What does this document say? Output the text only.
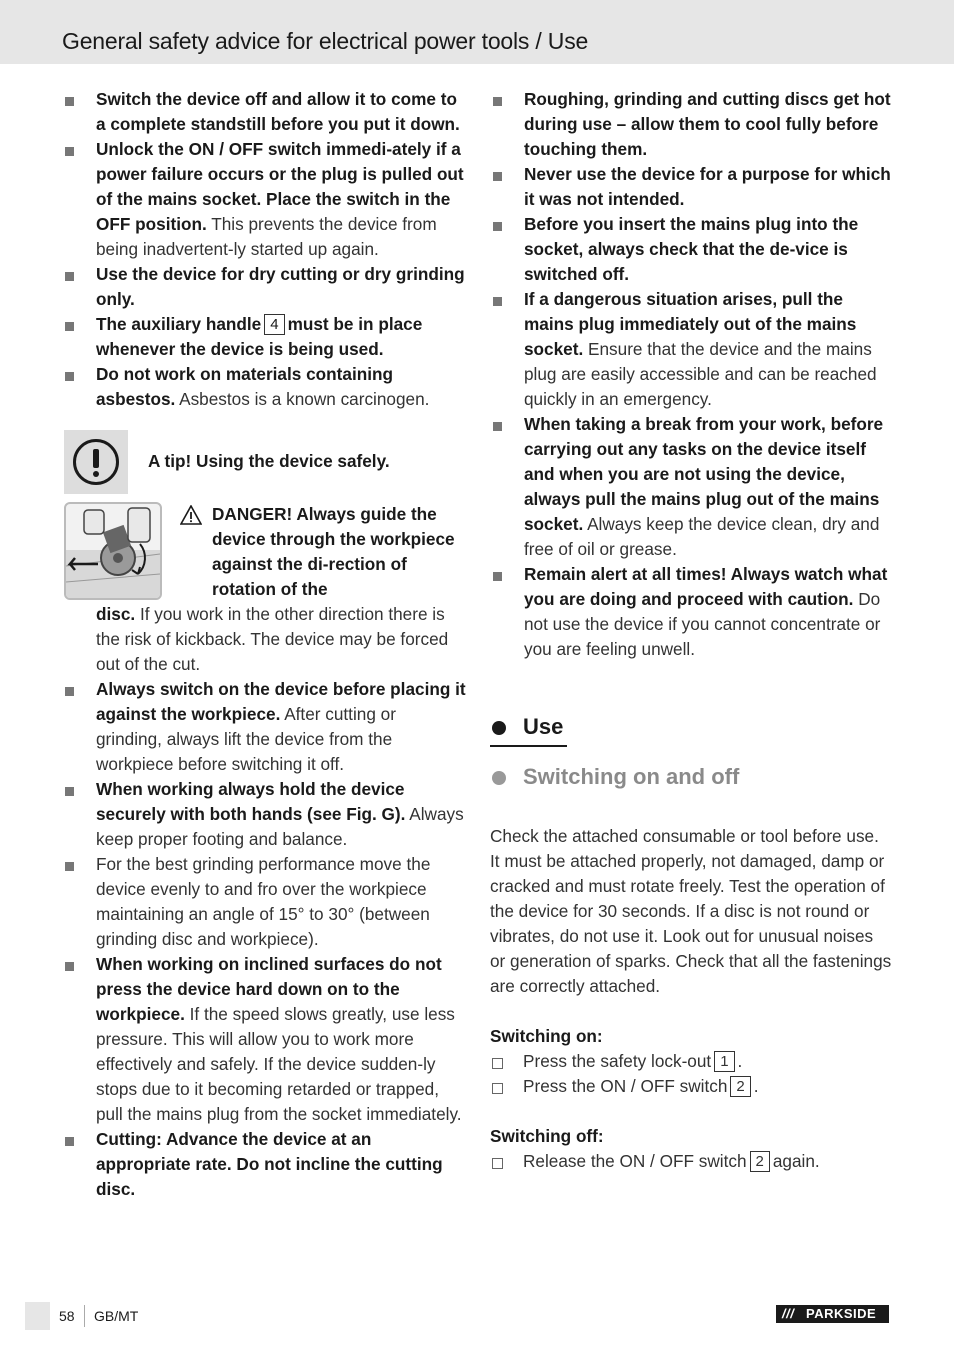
General safety advice for electrical power tools / Use
Switch the device off and allow it to come to a complete standstill before you put it down.
Unlock the ON / OFF switch immedi-ately if a power failure occurs or the plug is pulled out of the mains socket. Place the switch in the OFF position. This prevents the device from being inadvertent-ly started up again.
Use the device for dry cutting or dry grinding only.
The auxiliary handle 4 must be in place whenever the device is being used.
Do not work on materials containing asbestos. Asbestos is a known carcinogen.
A tip! Using the device safely.
DANGER! Always guide the device through the workpiece against the di-rection of rotation of the
disc. If you work in the other direction there is the risk of kickback. The device may be forced out of the cut.
Always switch on the device before placing it against the workpiece. After cutting or grinding, always lift the device from the workpiece before switching it off.
When working always hold the device securely with both hands (see Fig. G). Always keep proper footing and balance.
For the best grinding performance move the device evenly to and fro over the workpiece maintaining an angle of 15° to 30° (between grinding disc and workpiece).
When working on inclined surfaces do not press the device hard down on to the workpiece. If the speed slows greatly, use less pressure. This will allow you to work more effectively and safely. If the device sudden-ly stops due to it becoming retarded or trapped, pull the mains plug from the socket immediately.
Cutting: Advance the device at an appropriate rate. Do not incline the cutting disc.
Roughing, grinding and cutting discs get hot during use – allow them to cool fully before touching them.
Never use the device for a purpose for which it was not intended.
Before you insert the mains plug into the socket, always check that the de-vice is switched off.
If a dangerous situation arises, pull the mains plug immediately out of the mains socket. Ensure that the device and the mains plug are easily accessible and can be reached quickly in an emergency.
When taking a break from your work, before carrying out any tasks on the device itself and when you are not using the device, always pull the mains plug out of the mains socket. Always keep the device clean, dry and free of oil or grease.
Remain alert at all times! Always watch what you are doing and proceed with caution. Do not use the device if you cannot concentrate or you are feeling unwell.
Use
Switching on and off
Check the attached consumable or tool before use. It must be attached properly, not damaged, damp or cracked and must rotate freely. Test the operation of the device for 30 seconds. If a disc is not round or vibrates, do not use it. Look out for unusual noises or generation of sparks. Check that all the fastenings are correctly attached.
Switching on:
Press the safety lock-out 1 .
Press the ON / OFF switch 2 .
Switching off:
Release the ON / OFF switch 2 again.
58 GB/MT	/// PARKSIDE
